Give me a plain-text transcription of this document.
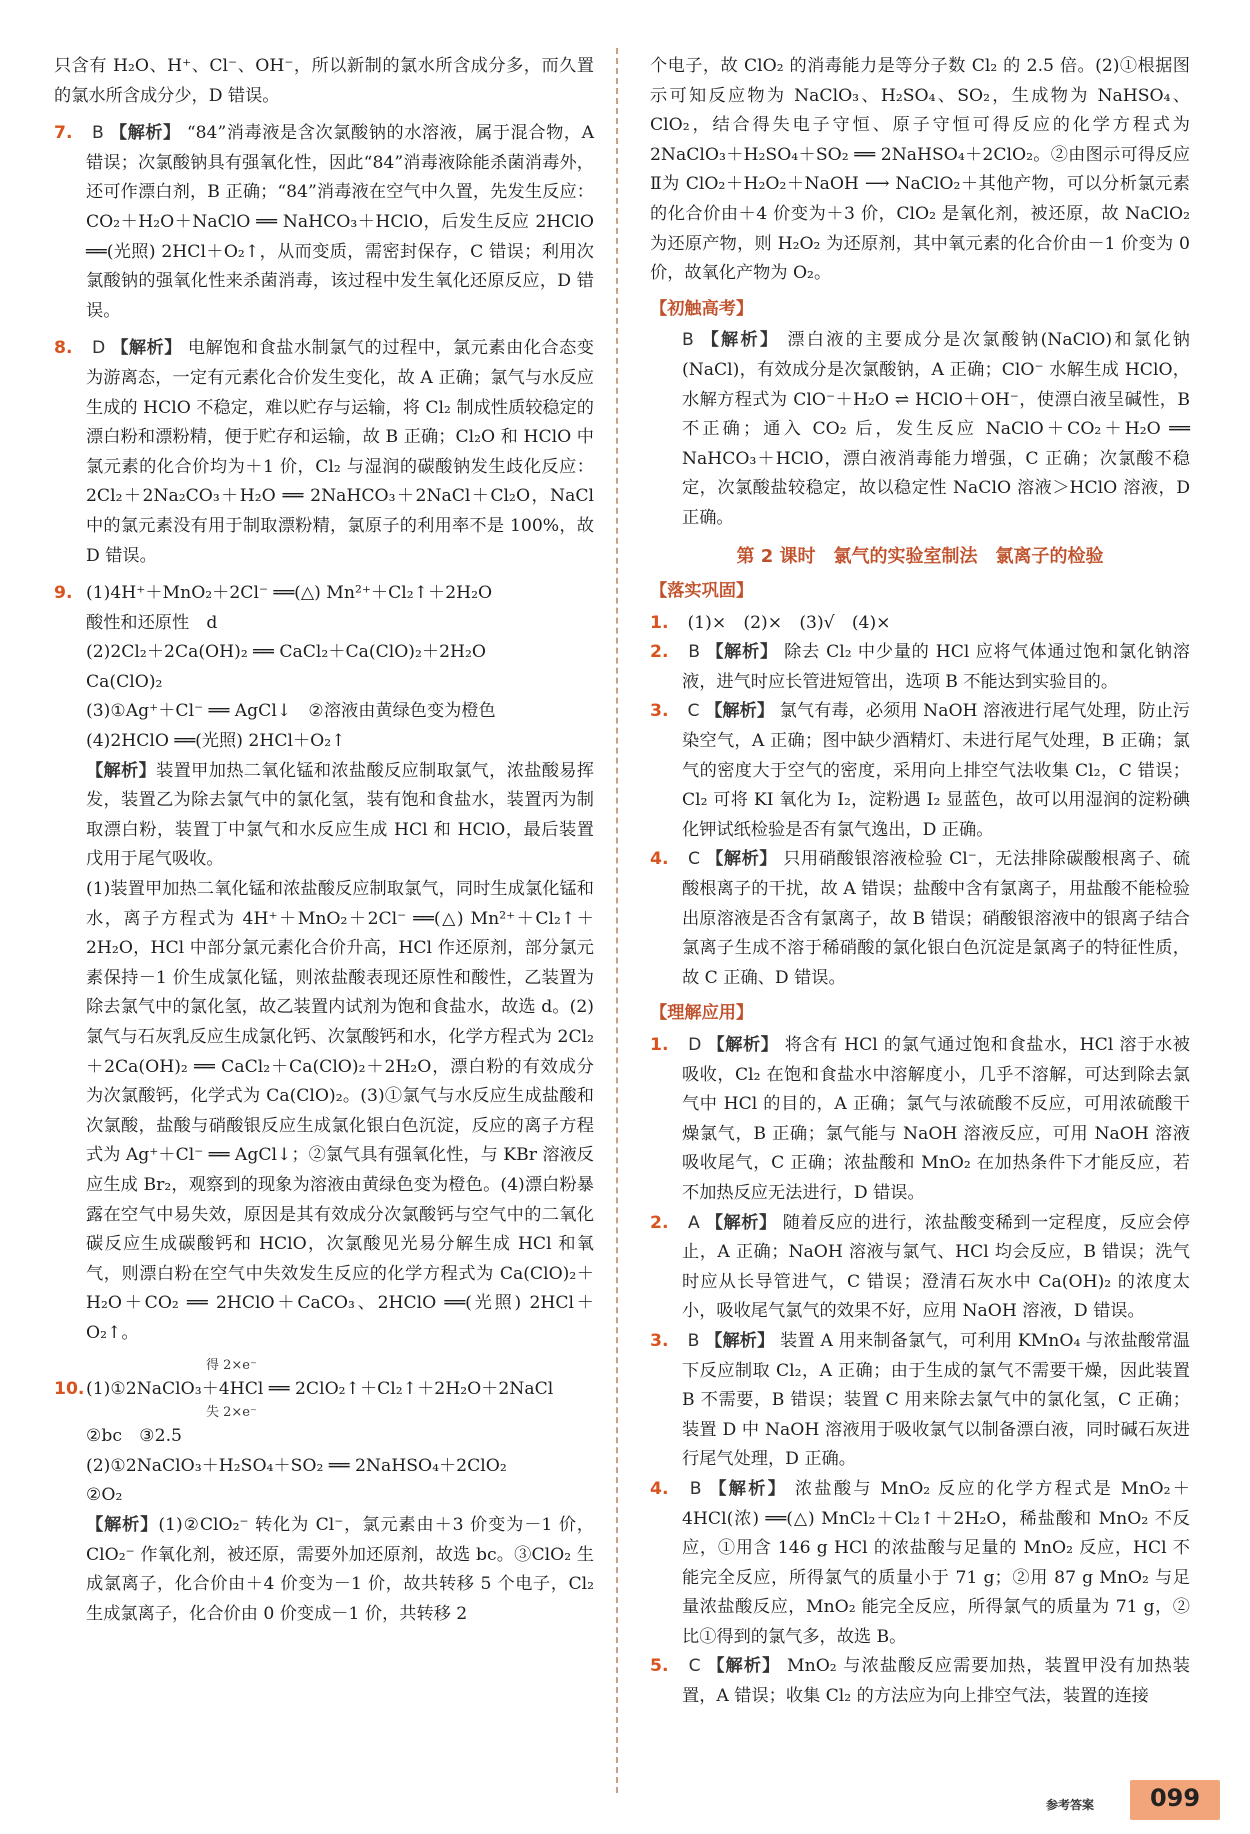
只含有 H₂O、H⁺、Cl⁻、OH⁻，所以新制的氯水所含成分多，而久置的氯水所含成分少，D 错误。

7. B 【解析】 “84”消毒液是含次氯酸钠的水溶液，属于混合物，A 错误；次氯酸钠具有强氧化性，因此“84”消毒液除能杀菌消毒外，还可作漂白剂，B 正确；“84”消毒液在空气中久置，先发生反应：CO₂＋H₂O＋NaClO ══ NaHCO₃＋HClO，后发生反应 2HClO ══(光照) 2HCl＋O₂↑，从而变质，需密封保存，C 错误；利用次氯酸钠的强氧化性来杀菌消毒，该过程中发生氧化还原反应，D 错误。

8. D 【解析】 电解饱和食盐水制氯气的过程中，氯元素由化合态变为游离态，一定有元素化合价发生变化，故 A 正确；氯气与水反应生成的 HClO 不稳定，难以贮存与运输，将 Cl₂ 制成性质较稳定的漂白粉和漂粉精，便于贮存和运输，故 B 正确；Cl₂O 和 HClO 中氯元素的化合价均为＋1 价，Cl₂ 与湿润的碳酸钠发生歧化反应：2Cl₂＋2Na₂CO₃＋H₂O ══ 2NaHCO₃＋2NaCl＋Cl₂O，NaCl 中的氯元素没有用于制取漂粉精，氯原子的利用率不是 100%，故 D 错误。

9. (1)4H⁺＋MnO₂＋2Cl⁻ ══(△) Mn²⁺＋Cl₂↑＋2H₂O

酸性和还原性　d

(2)2Cl₂＋2Ca(OH)₂ ══ CaCl₂＋Ca(ClO)₂＋2H₂O

Ca(ClO)₂

(3)①Ag⁺＋Cl⁻ ══ AgCl↓　②溶液由黄绿色变为橙色

(4)2HClO ══(光照) 2HCl＋O₂↑

【解析】装置甲加热二氧化锰和浓盐酸反应制取氯气，浓盐酸易挥发，装置乙为除去氯气中的氯化氢，装有饱和食盐水，装置丙为制取漂白粉，装置丁中氯气和水反应生成 HCl 和 HClO，最后装置戊用于尾气吸收。

(1)装置甲加热二氧化锰和浓盐酸反应制取氯气，同时生成氯化锰和水，离子方程式为 4H⁺＋MnO₂＋2Cl⁻ ══(△) Mn²⁺＋Cl₂↑＋2H₂O，HCl 中部分氯元素化合价升高，HCl 作还原剂，部分氯元素保持－1 价生成氯化锰，则浓盐酸表现还原性和酸性，乙装置为除去氯气中的氯化氢，故乙装置内试剂为饱和食盐水，故选 d。(2)氯气与石灰乳反应生成氯化钙、次氯酸钙和水，化学方程式为 2Cl₂＋2Ca(OH)₂ ══ CaCl₂＋Ca(ClO)₂＋2H₂O，漂白粉的有效成分为次氯酸钙，化学式为 Ca(ClO)₂。(3)①氯气与水反应生成盐酸和次氯酸，盐酸与硝酸银反应生成氯化银白色沉淀，反应的离子方程式为 Ag⁺＋Cl⁻ ══ AgCl↓；②氯气具有强氧化性，与 KBr 溶液反应生成 Br₂，观察到的现象为溶液由黄绿色变为橙色。(4)漂白粉暴露在空气中易失效，原因是其有效成分次氯酸钙与空气中的二氧化碳反应生成碳酸钙和 HClO，次氯酸见光易分解生成 HCl 和氧气，则漂白粉在空气中失效发生反应的化学方程式为 Ca(ClO)₂＋H₂O＋CO₂ ══ 2HClO＋CaCO₃、2HClO ══(光照) 2HCl＋O₂↑。

得 2×e⁻

10.(1)①2NaClO₃＋4HCl ══ 2ClO₂↑＋Cl₂↑＋2H₂O＋2NaCl

失 2×e⁻

②bc　③2.5

(2)①2NaClO₃＋H₂SO₄＋SO₂ ══ 2NaHSO₄＋2ClO₂

②O₂

【解析】(1)②ClO₂⁻ 转化为 Cl⁻，氯元素由＋3 价变为－1 价，ClO₂⁻ 作氧化剂，被还原，需要外加还原剂，故选 bc。③ClO₂ 生成氯离子，化合价由＋4 价变为－1 价，故共转移 5 个电子，Cl₂ 生成氯离子，化合价由 0 价变成－1 价，共转移 2

个电子，故 ClO₂ 的消毒能力是等分子数 Cl₂ 的 2.5 倍。(2)①根据图示可知反应物为 NaClO₃、H₂SO₄、SO₂，生成物为 NaHSO₄、ClO₂，结合得失电子守恒、原子守恒可得反应的化学方程式为 2NaClO₃＋H₂SO₄＋SO₂ ══ 2NaHSO₄＋2ClO₂。②由图示可得反应Ⅱ为 ClO₂＋H₂O₂＋NaOH ⟶ NaClO₂＋其他产物，可以分析氯元素的化合价由＋4 价变为＋3 价，ClO₂ 是氧化剂，被还原，故 NaClO₂ 为还原产物，则 H₂O₂ 为还原剂，其中氧元素的化合价由－1 价变为 0 价，故氧化产物为 O₂。

【初触高考】

B 【解析】 漂白液的主要成分是次氯酸钠(NaClO)和氯化钠(NaCl)，有效成分是次氯酸钠，A 正确；ClO⁻ 水解生成 HClO，水解方程式为 ClO⁻＋H₂O ⇌ HClO＋OH⁻，使漂白液呈碱性，B 不正确；通入 CO₂ 后，发生反应 NaClO＋CO₂＋H₂O ══ NaHCO₃＋HClO，漂白液消毒能力增强，C 正确；次氯酸不稳定，次氯酸盐较稳定，故以稳定性 NaClO 溶液＞HClO 溶液，D 正确。

第 2 课时　氯气的实验室制法　氯离子的检验
【落实巩固】

1. (1)×　(2)×　(3)√　(4)×

2. B 【解析】 除去 Cl₂ 中少量的 HCl 应将气体通过饱和氯化钠溶液，进气时应长管进短管出，选项 B 不能达到实验目的。

3. C 【解析】 氯气有毒，必须用 NaOH 溶液进行尾气处理，防止污染空气，A 正确；图中缺少酒精灯、未进行尾气处理，B 正确；氯气的密度大于空气的密度，采用向上排空气法收集 Cl₂，C 错误；Cl₂ 可将 KI 氧化为 I₂，淀粉遇 I₂ 显蓝色，故可以用湿润的淀粉碘化钾试纸检验是否有氯气逸出，D 正确。

4. C 【解析】 只用硝酸银溶液检验 Cl⁻，无法排除碳酸根离子、硫酸根离子的干扰，故 A 错误；盐酸中含有氯离子，用盐酸不能检验出原溶液是否含有氯离子，故 B 错误；硝酸银溶液中的银离子结合氯离子生成不溶于稀硝酸的氯化银白色沉淀是氯离子的特征性质，故 C 正确、D 错误。

【理解应用】

1. D 【解析】 将含有 HCl 的氯气通过饱和食盐水，HCl 溶于水被吸收，Cl₂ 在饱和食盐水中溶解度小，几乎不溶解，可达到除去氯气中 HCl 的目的，A 正确；氯气与浓硫酸不反应，可用浓硫酸干燥氯气，B 正确；氯气能与 NaOH 溶液反应，可用 NaOH 溶液吸收尾气，C 正确；浓盐酸和 MnO₂ 在加热条件下才能反应，若不加热反应无法进行，D 错误。

2. A 【解析】 随着反应的进行，浓盐酸变稀到一定程度，反应会停止，A 正确；NaOH 溶液与氯气、HCl 均会反应，B 错误；洗气时应从长导管进气，C 错误；澄清石灰水中 Ca(OH)₂ 的浓度太小，吸收尾气氯气的效果不好，应用 NaOH 溶液，D 错误。

3. B 【解析】 装置 A 用来制备氯气，可利用 KMnO₄ 与浓盐酸常温下反应制取 Cl₂，A 正确；由于生成的氯气不需要干燥，因此装置 B 不需要，B 错误；装置 C 用来除去氯气中的氯化氢，C 正确；装置 D 中 NaOH 溶液用于吸收氯气以制备漂白液，同时碱石灰进行尾气处理，D 正确。

4. B 【解析】 浓盐酸与 MnO₂ 反应的化学方程式是 MnO₂＋4HCl(浓) ══(△) MnCl₂＋Cl₂↑＋2H₂O，稀盐酸和 MnO₂ 不反应，①用含 146 g HCl 的浓盐酸与足量的 MnO₂ 反应，HCl 不能完全反应，所得氯气的质量小于 71 g；②用 87 g MnO₂ 与足量浓盐酸反应，MnO₂ 能完全反应，所得氯气的质量为 71 g，②比①得到的氯气多，故选 B。

5. C 【解析】 MnO₂ 与浓盐酸反应需要加热，装置甲没有加热装置，A 错误；收集 Cl₂ 的方法应为向上排空气法，装置的连接

参考答案	099
